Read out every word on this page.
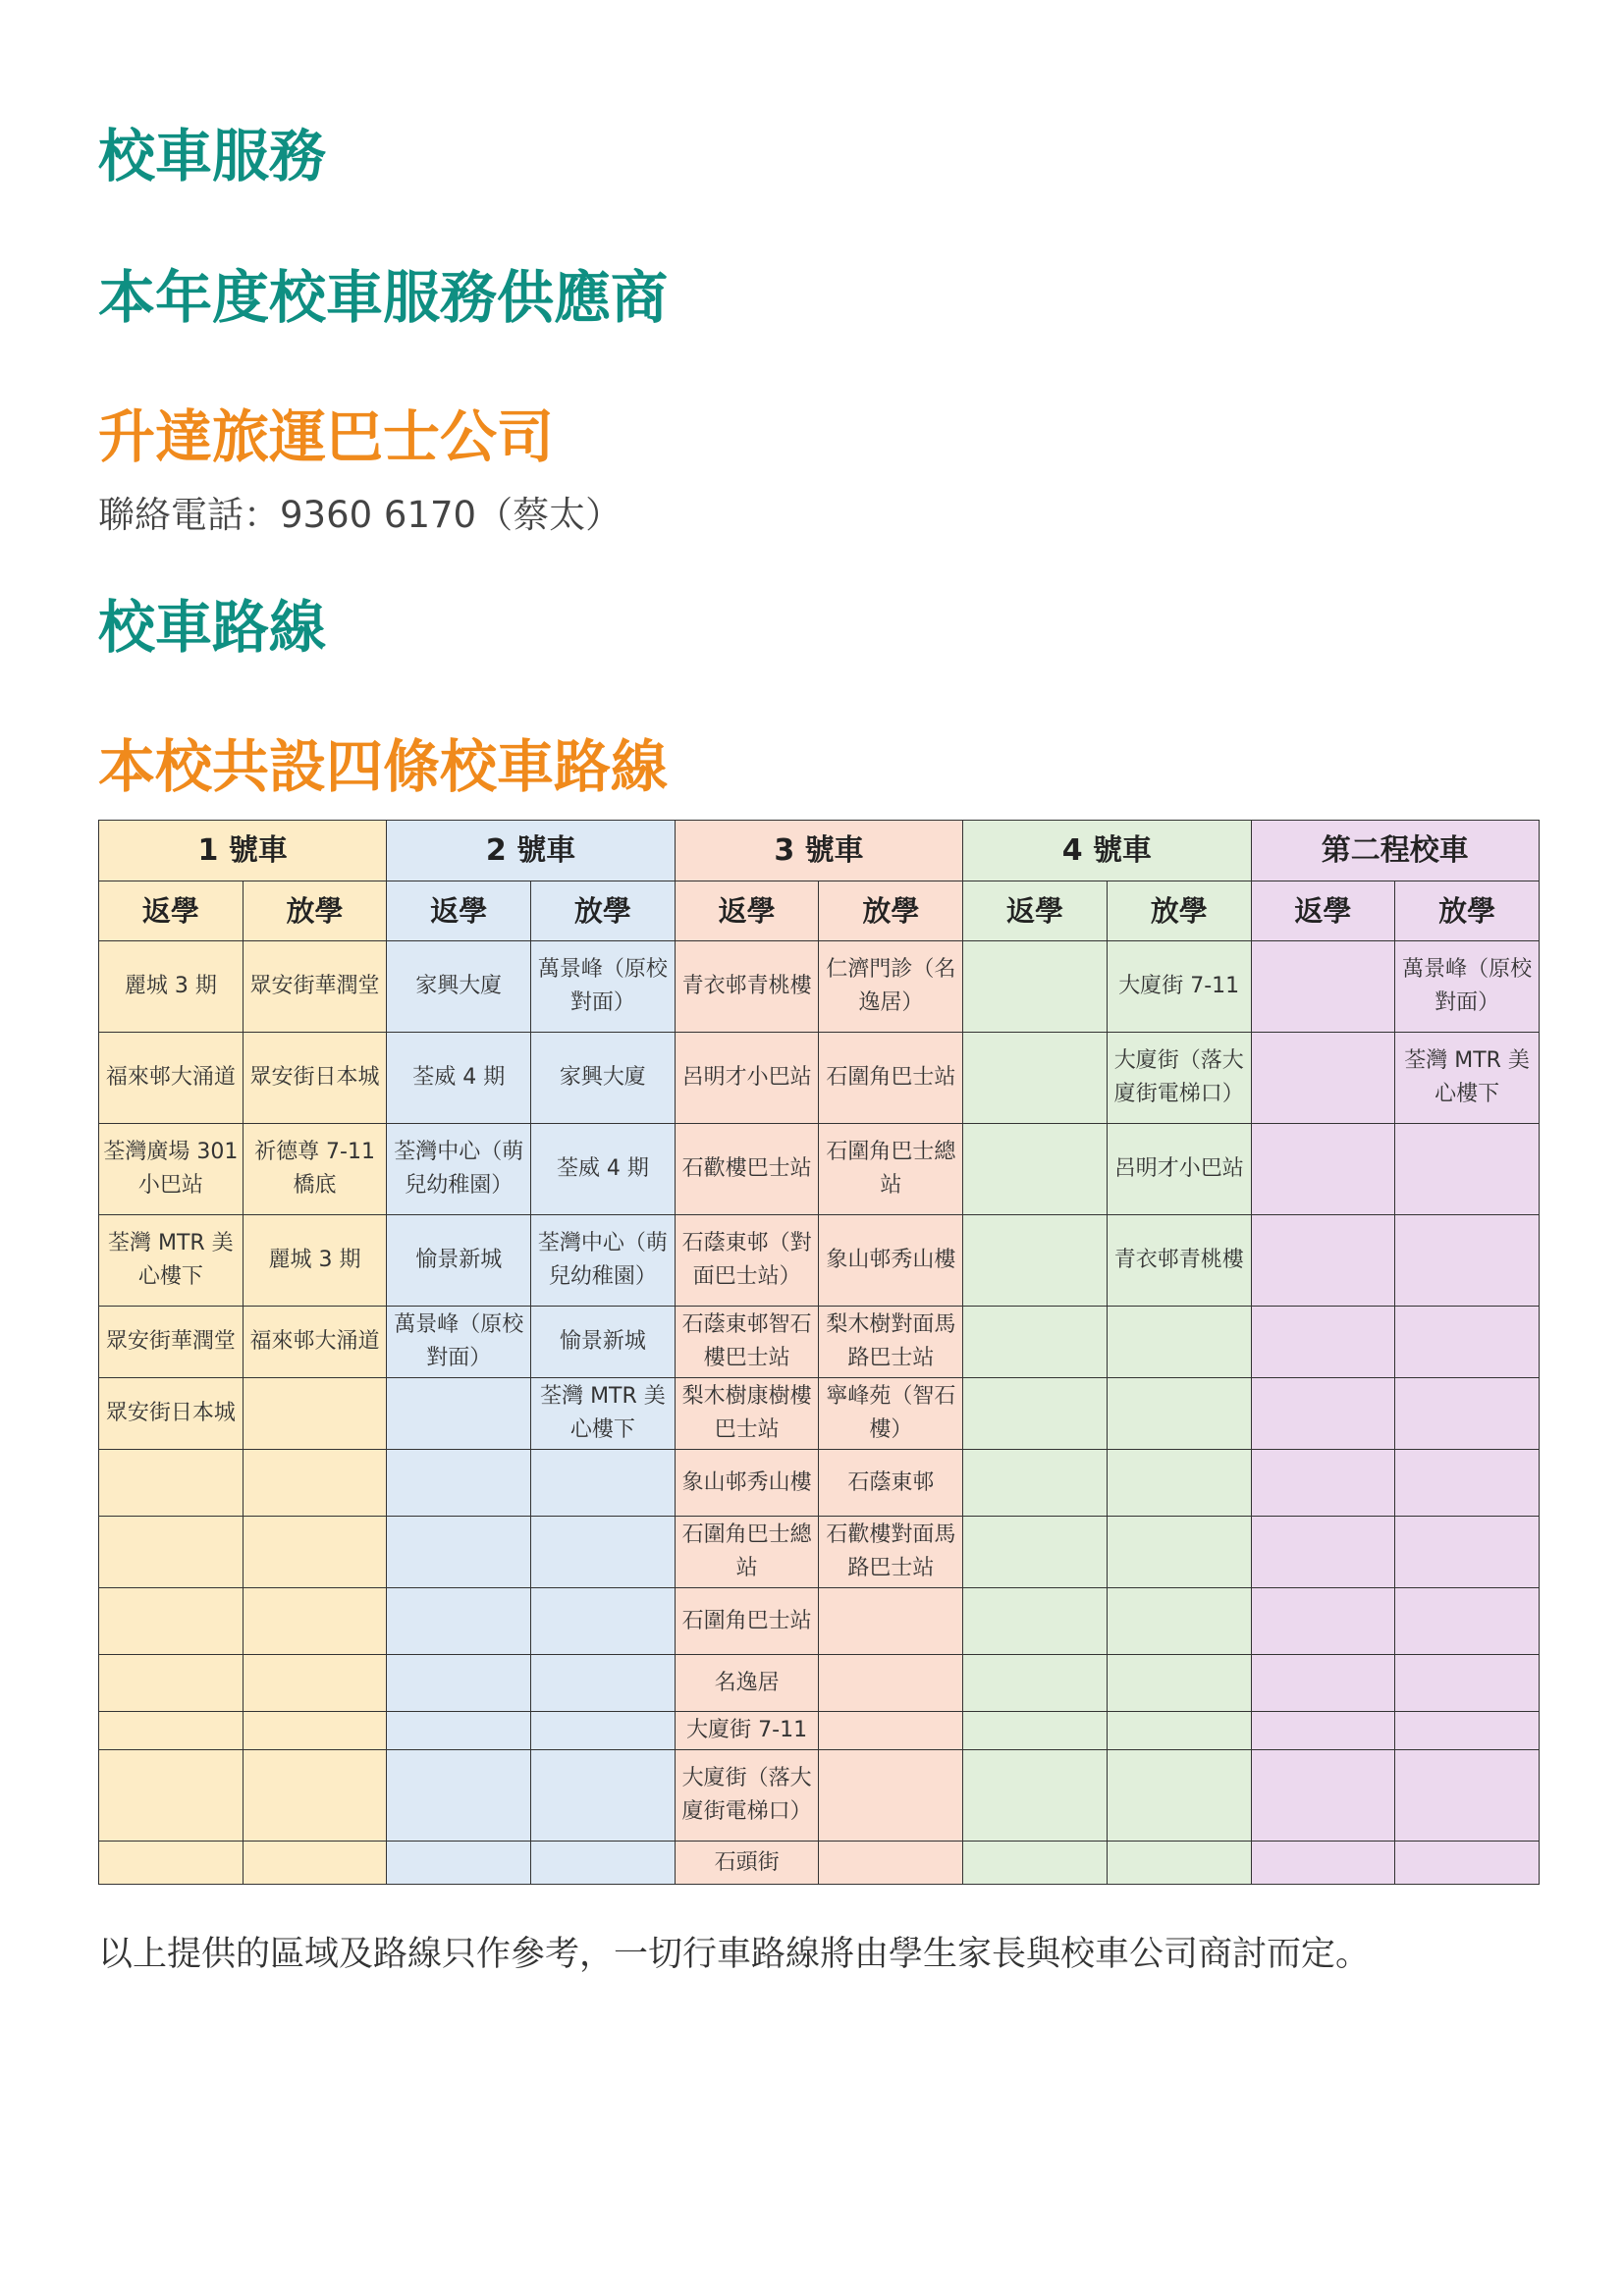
校車服務
本年度校車服務供應商
升達旅運巴士公司

聯絡電話：9360 6170（蔡太）

校車路線
本校共設四條校車路線
1 號車		2 號車		3 號車		4 號車		第二程校車	
返學	放學	返學	放學	返學	放學	返學	放學	返學	放學
麗城 3 期	眾安街華潤堂	家興大廈	萬景峰（原校對面）	青衣邨青桃樓	仁濟門診（名逸居）		大廈街 7-11		萬景峰（原校對面）
福來邨大涌道	眾安街日本城	荃威 4 期	家興大廈	呂明才小巴站	石圍角巴士站		大廈街（落大廈街電梯口）		荃灣 MTR 美心樓下
荃灣廣場 301 小巴站	祈德尊 7-11 橋底	荃灣中心（萌兒幼稚園）	荃威 4 期	石歡樓巴士站	石圍角巴士總站		呂明才小巴站		
荃灣 MTR 美心樓下	麗城 3 期	愉景新城	荃灣中心（萌兒幼稚園）	石蔭東邨（對面巴士站）	象山邨秀山樓		青衣邨青桃樓		
眾安街華潤堂	福來邨大涌道	萬景峰（原校對面）	愉景新城	石蔭東邨智石樓巴士站	梨木樹對面馬路巴士站				
眾安街日本城			荃灣 MTR 美心樓下	梨木樹康樹樓巴士站	寧峰苑（智石樓）				
				象山邨秀山樓	石蔭東邨				
				石圍角巴士總站	石歡樓對面馬路巴士站				
				石圍角巴士站					
				名逸居					
				大廈街 7-11					
				大廈街（落大廈街電梯口）					
				石頭街					

以上提供的區域及路線只作參考，一切行車路線將由學生家長與校車公司商討而定。
